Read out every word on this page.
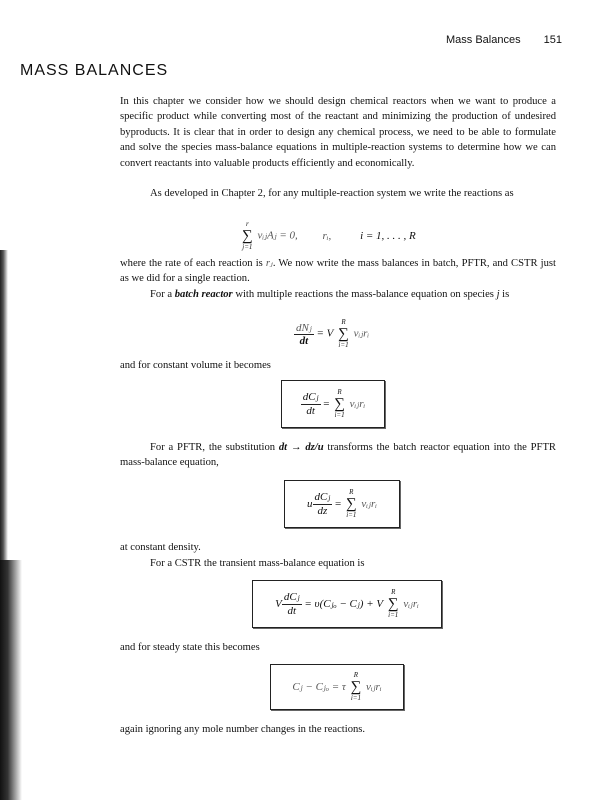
Mass Balances 151
MASS BALANCES

In this chapter we consider how we should design chemical reactors when we want to produce a specific product while converting most of the reactant and minimizing the production of undesired byproducts. It is clear that in order to design any chemical process, we need to be able to formulate and solve the species mass-balance equations in multiple-reaction systems to determine how we can convert reactants into valuable products efficiently and economically.

As developed in Chapter 2, for any multiple-reaction system we write the reactions as

r
∑
j=1
νᵢⱼAⱼ = 0, rᵢ,	i = 1, . . . , R

where the rate of each reaction is rⱼ. We now write the mass balances in batch, PFTR, and CSTR just as we did for a single reaction.

For a batch reactor with multiple reactions the mass-balance equation on species j is

$\frac{\text{dNⱼ}}{dt} = V$
R
∑
i=1
νᵢⱼrᵢ

and for constant volume it becomes

$\frac{\text{dCⱼ}}{dt}$ =
R
∑
i=1
νᵢⱼrᵢ

For a PFTR, the substitution dt → dz/u transforms the batch reactor equation into the PFTR mass-balance equation,

u $\frac{\text{dCⱼ}}{dz}$ =
R
∑
i=1
νᵢⱼrᵢ

at constant density.

For a CSTR the transient mass-balance equation is

V $\frac{\text{dCⱼ}}{dt}$ = υ(Cⱼₒ − Cⱼ) + V
R
∑
i=1
νᵢⱼrᵢ

and for steady state this becomes

Cⱼ − Cⱼₒ = τ
R
∑
i=1
νᵢⱼrᵢ

again ignoring any mole number changes in the reactions.
